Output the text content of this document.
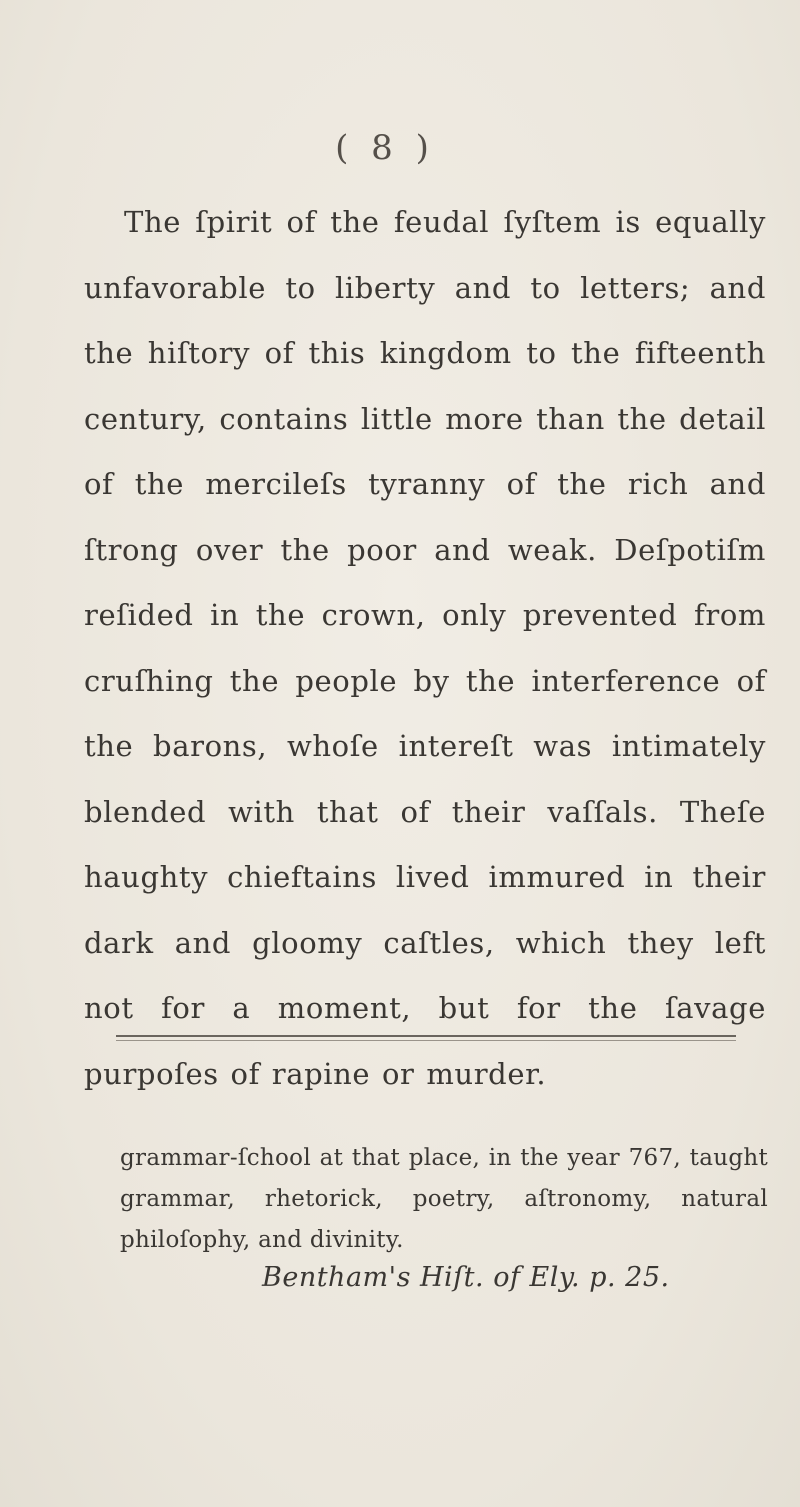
( 8 )

The ſpirit of the feudal ſyſtem is equally unfavorable to liberty and to letters; and the hiſtory of this kingdom to the fifteenth century, contains little more than the detail of the mercileſs tyranny of the rich and ſtrong over the poor and weak. Deſpotiſm reſided in the crown, only prevented from cruſhing the people by the interference of the barons, whoſe intereſt was intimately blended with that of their vaſſals. Theſe haughty chieftains lived immured in their dark and gloomy caſtles, which they left not for a moment, but for the ſavage purpoſes of rapine or murder.

grammar-ſchool at that place, in the year 767, taught grammar, rhetorick, poetry, aſtronomy, natural philoſophy, and divinity.

Bentham's Hiſt. of Ely. p. 25.
